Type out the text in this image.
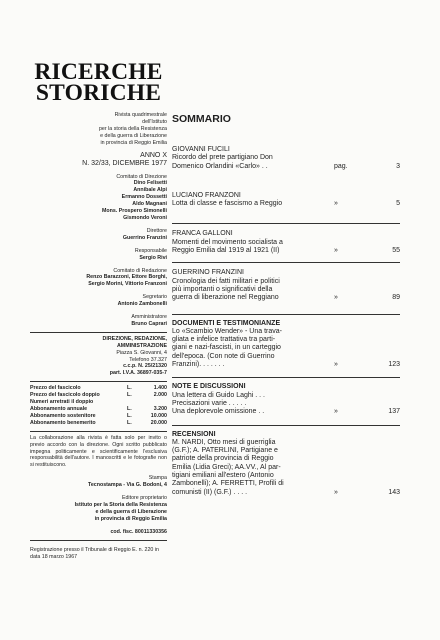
RICERCHE
STORICHE
Rivista quadrimestrale
dell'Istituto
per la storia della Resistenza
e della guerra di Liberazione
in provincia di Reggio Emilia
ANNO X
N. 32/33, DICEMBRE 1977
Comitato di Direzione
Dino Felisetti
Annibale Alpi
Ermanno Dossetti
Aldo Magnani
Mons. Prospero Simonelli
Gismondo Veroni
Direttore
Guerrino Franzini
Responsabile
Sergio Rivi
Comitato di Redazione
Renzo Barazzoni, Ettore Borghi,
Sergio Morini, Vittorio Franzoni
Segretario
Antonio Zambonelli
Amministratore
Bruno Caprari
DIREZIONE, REDAZIONE,
AMMINISTRAZIONE
Piazza S. Giovanni, 4
Telefono 37.327
c.c.p. N. 25/21320
part. I.V.A. 36897-035-7
Prezzo del fascicolo	L.	1.400
Prezzo del fascicolo doppio	L.	2.000
Numeri arretrati il doppio
Abbonamento annuale	L.	3.200
Abbonamento sostenitore	L.	10.000
Abbonamento benemerito	L.	20.000
La collaborazione alla rivista è fatta solo per invito o previo accordo con la direzione. Ogni scritto pubblicato impegna politicamente e scientificamente l'esclusiva responsabilità dell'autore. I manoscritti e le fotografie non si restituiscono.
Stampa
Tecnostampa - Via G. Bodoni, 4
Editore proprietario
Istituto per la Storia della Resistenza
e della guerra di Liberazione
in provincia di Reggio Emilia
cod. fisc. 80011330356
Registrazione presso il Tribunale di Reggio E. n. 220 in data 18 marzo 1967
SOMMARIO
GIOVANNI FUCILI
Ricordo del prete partigiano Don
Domenico Orlandini «Carlo» . .	pag.	3
LUCIANO FRANZONI
Lotta di classe e fascismo a Reggio	»	5
FRANCA GALLONI
Momenti del movimento socialista a
Reggio Emilia dal 1919 al 1921 (II)	»	55
GUERRINO FRANZINI
Cronologia dei fatti militari e politici
più importanti o significativi della
guerra di liberazione nel Reggiano	»	89
DOCUMENTI E TESTIMONIANZE
Lo «Scambio Wender» - Una trava-
gliata e infelice trattativa tra parti-
giani e nazi-fascisti, in un carteggio
dell'epoca. (Con note di Guerrino
Franzini). . . . . . .	»	123
NOTE E DISCUSSIONI
Una lettera di Guido Laghi . . .
Precisazioni varie . . . . .
Una deplorevole omissione . .	»	137
RECENSIONI
M. NARDI, Otto mesi di guerriglia
(G.F.); A. PATERLINI, Partigiane e
patriote della provincia di Reggio
Emilia (Lidia Greci); AA.VV., Al par-
tigiani emiliani all'estero (Antonio
Zambonelli); A. FERRETTI, Profili di
comunisti (II) (G.F.) . . . .	»	143
